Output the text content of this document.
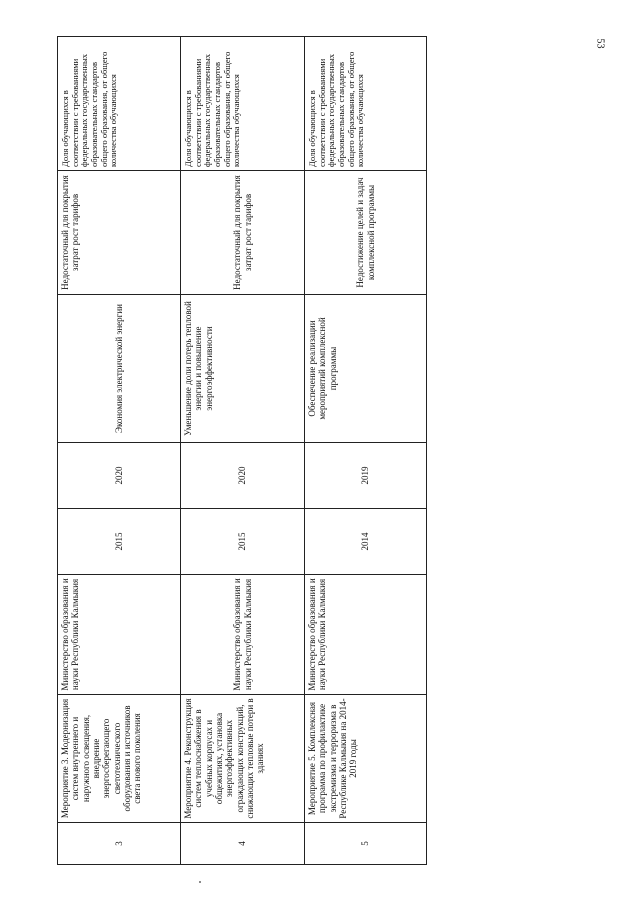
53
3	Мероприятие 3. Модернизация систем внутреннего и наружного освещения, внедрение энергосберегающего светотехнического оборудования и источников света нового поколения	Министерство образования и науки Республики Калмыкия	2015	2020	Экономия электрической энергии	Недостаточный для покрытия затрат рост тарифов	Доля обучающихся в соответствии с требованиями федеральных государственных образовательных стандартов общего образования, от общего количества обучающихся
4	Мероприятие 4. Реконструкция систем теплоснабжения в учебных корпусах и общежитиях, установка энергоэффективных ограждающих конструкций, снижающих тепловые потери в зданиях	Министерство образования и науки Республики Калмыкия	2015	2020	Уменьшение доли потерь тепловой энергии и повышение энергоэффективности	Недостаточный для покрытия затрат рост тарифов	Доля обучающихся в соответствии с требованиями федеральных государственных образовательных стандартов общего образования, от общего количества обучающихся
5	Мероприятие 5. Комплексная программа по профилактике экстремизма и терроризма в Республике Калмыкия на 2014-2019 годы	Министерство образования и науки Республики Калмыкия	2014	2019	Обеспечение реализации мероприятий комплексной программы	Недостижение целей и задач комплексной программы	Доля обучающихся в соответствии с требованиями федеральных государственных образовательных стандартов общего образования, от общего количества обучающихся
